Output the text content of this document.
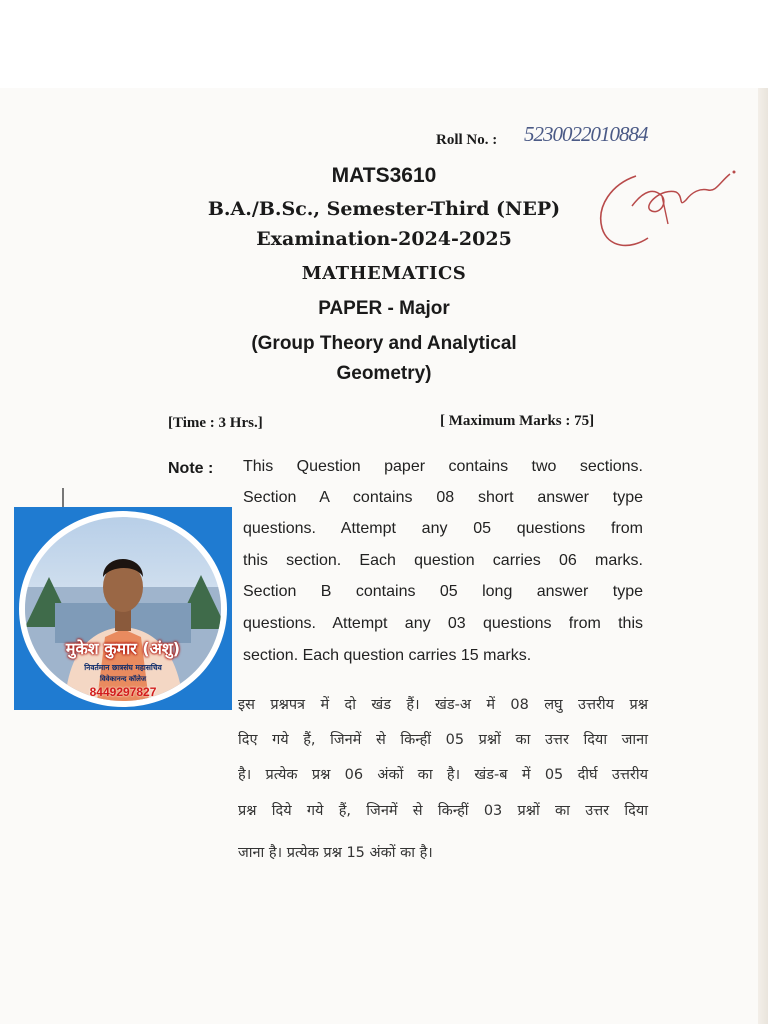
Roll No. : 5230022010884
MATS3610
B.A./B.Sc., Semester-Third (NEP)
Examination-2024-2025
MATHEMATICS
PAPER - Major
(Group Theory and Analytical
Geometry)
[Time : 3 Hrs.]	[ Maximum Marks : 75]
Note : This Question paper contains two sections.
Section A contains 08 short answer type
questions. Attempt any 05 questions from
this section. Each question carries 06 marks.
Section B contains 05 long answer type
questions. Attempt any 03 questions from this
section. Each question carries 15 marks.
इस प्रश्नपत्र में दो खंड हैं। खंड-अ में 08 लघु उत्तरीय प्रश्न
दिए गये हैं, जिनमें से किन्हीं 05 प्रश्नों का उत्तर दिया जाना
है। प्रत्येक प्रश्न 06 अंकों का है। खंड-ब में 05 दीर्घ उत्तरीय
प्रश्न दिये गये हैं, जिनमें से किन्हीं 03 प्रश्नों का उत्तर दिया
जाना है। प्रत्येक प्रश्न 15 अंकों का है।
मुकेश कुमार (अंशु)
निवर्तमान छात्रसंघ महासचिव
विवेकानन्द कॉलेज
8449297827
